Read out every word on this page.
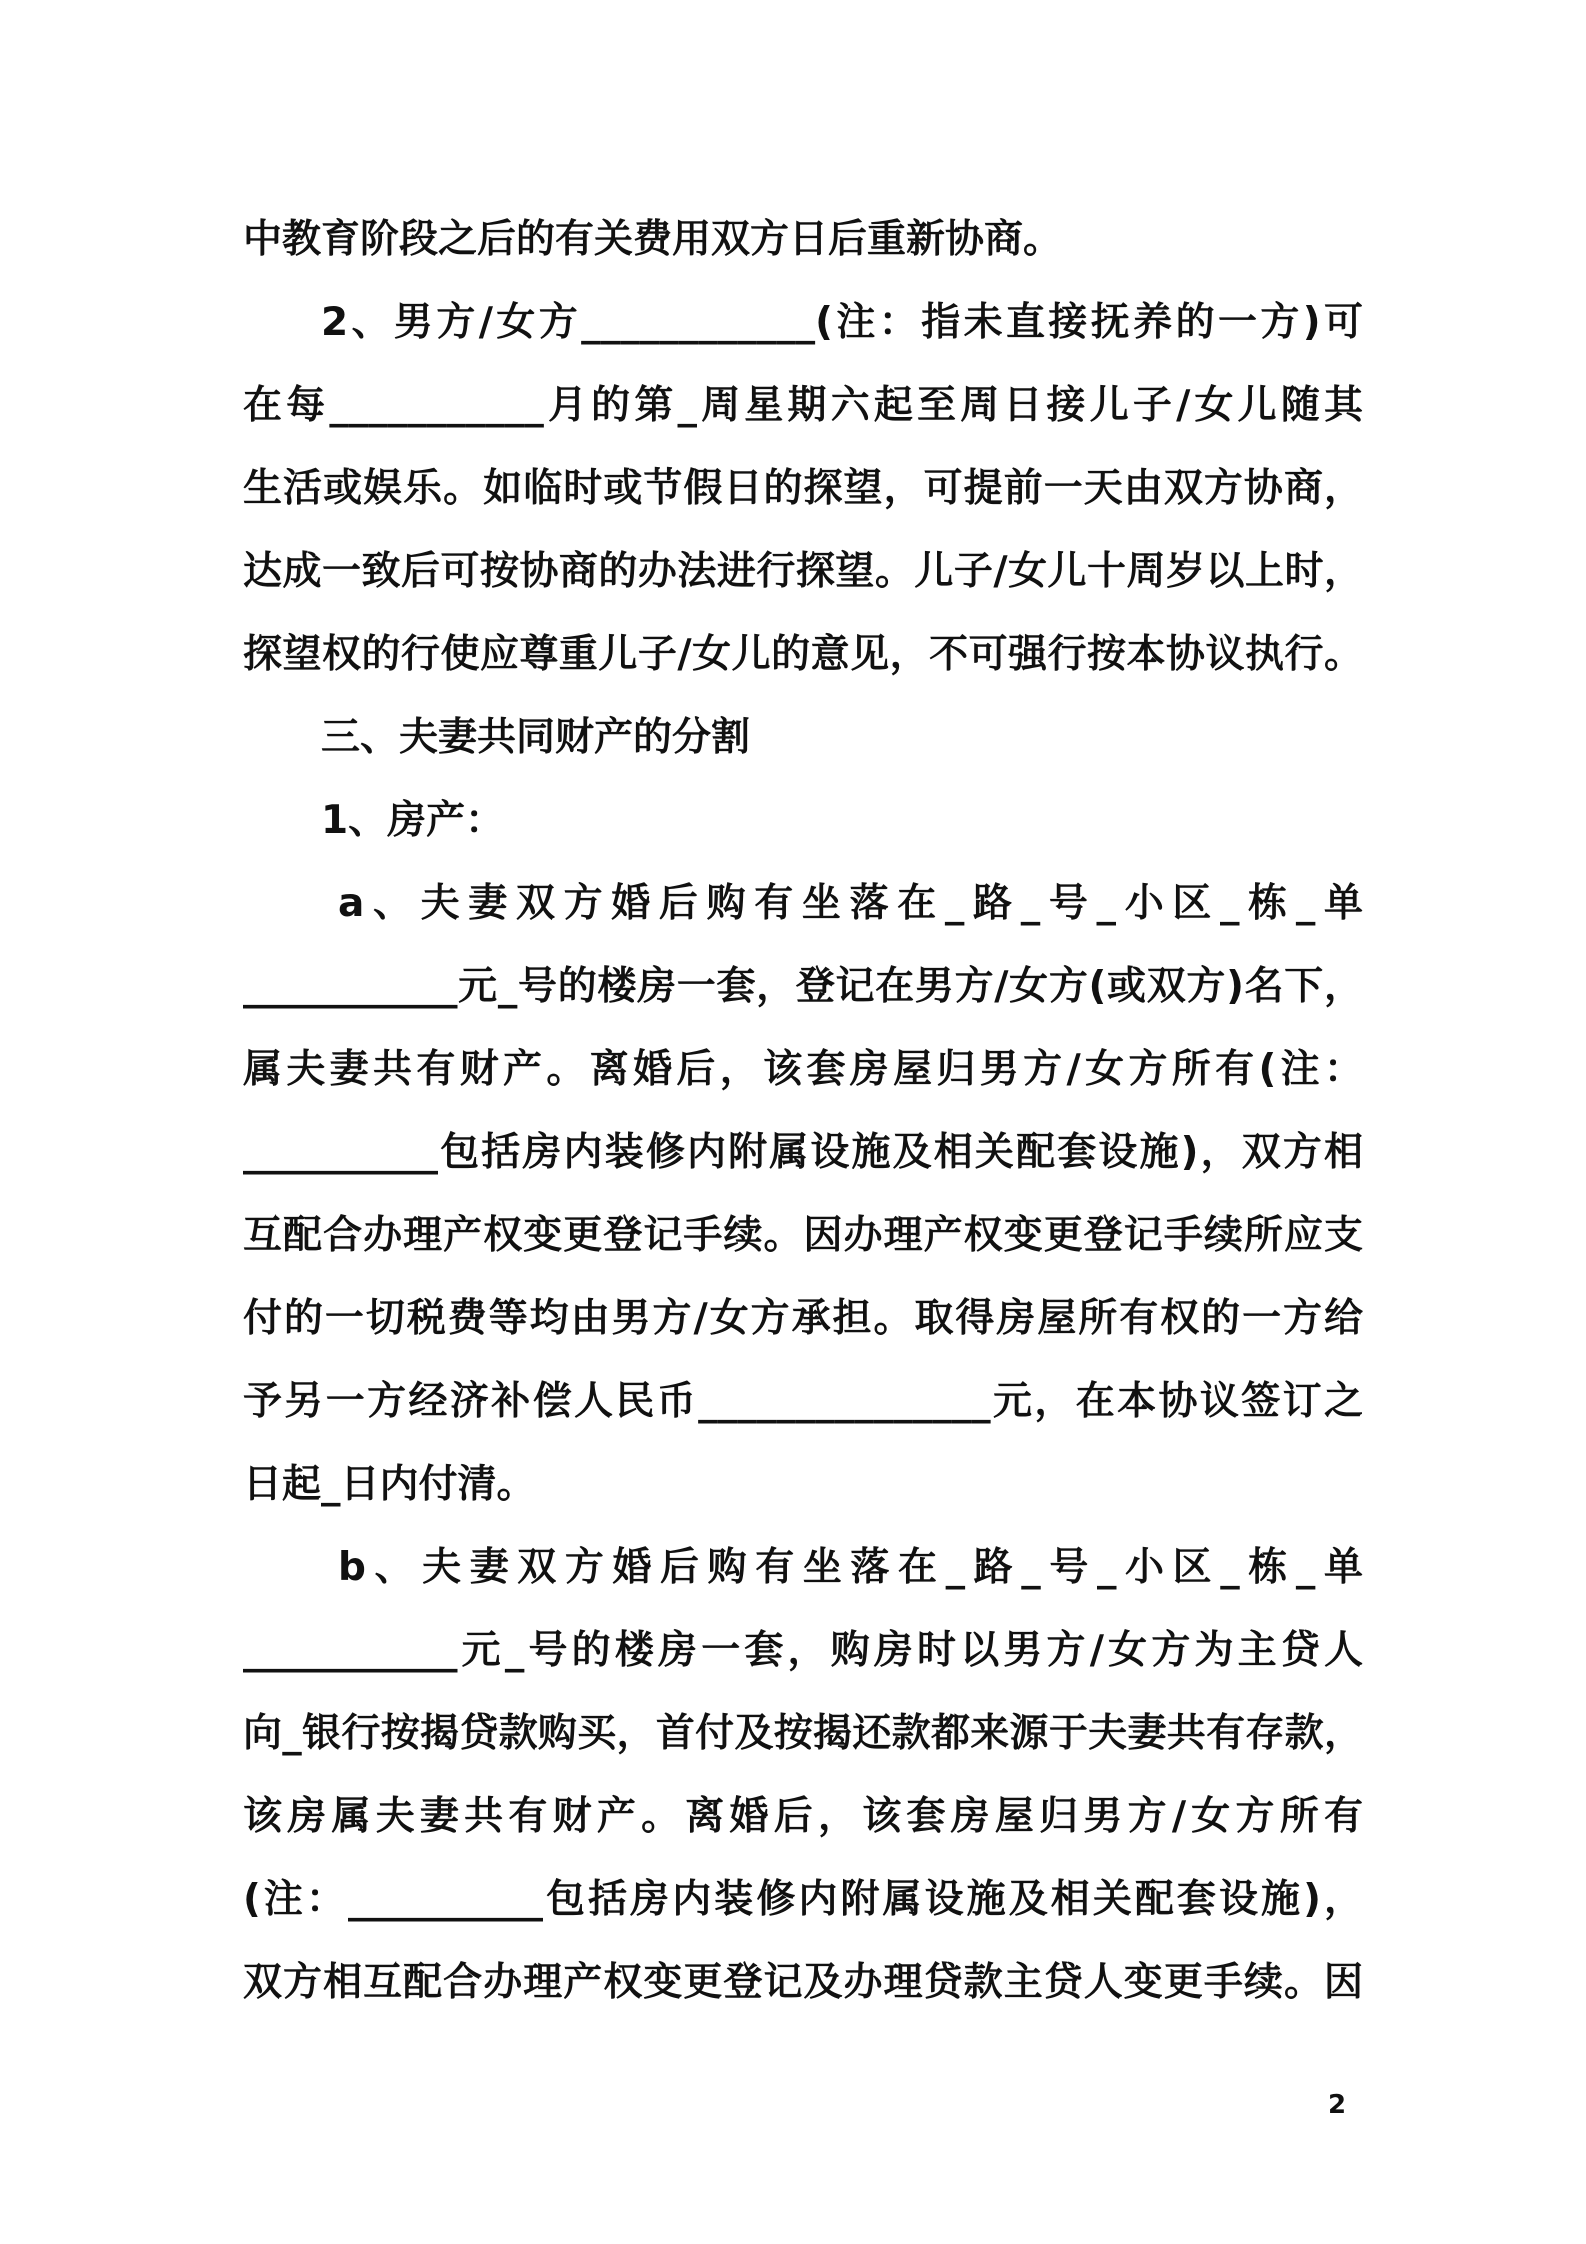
中教育阶段之后的有关费用双方日后重新协商。
2、男方/女方____________(注：指未直接抚养的一方)可
在每___________月的第_周星期六起至周日接儿子/女儿随其
生活或娱乐。如临时或节假日的探望，可提前一天由双方协商，
达成一致后可按协商的办法进行探望。儿子/女儿十周岁以上时，
探望权的行使应尊重儿子/女儿的意见，不可强行按本协议执行。
三、夫妻共同财产的分割
1、房产：
a、夫妻双方婚后购有坐落在_路_号_小区_栋_单
___________元_号的楼房一套，登记在男方/女方(或双方)名下，
属夫妻共有财产。离婚后，该套房屋归男方/女方所有(注：
__________包括房内装修内附属设施及相关配套设施)，双方相
互配合办理产权变更登记手续。因办理产权变更登记手续所应支
付的一切税费等均由男方/女方承担。取得房屋所有权的一方给
予另一方经济补偿人民币_______________元，在本协议签订之
日起_日内付清。
b、夫妻双方婚后购有坐落在_路_号_小区_栋_单
___________元_号的楼房一套，购房时以男方/女方为主贷人
向_银行按揭贷款购买，首付及按揭还款都来源于夫妻共有存款，
该房属夫妻共有财产。离婚后，该套房屋归男方/女方所有
(注：__________包括房内装修内附属设施及相关配套设施)，
双方相互配合办理产权变更登记及办理贷款主贷人变更手续。因
2
